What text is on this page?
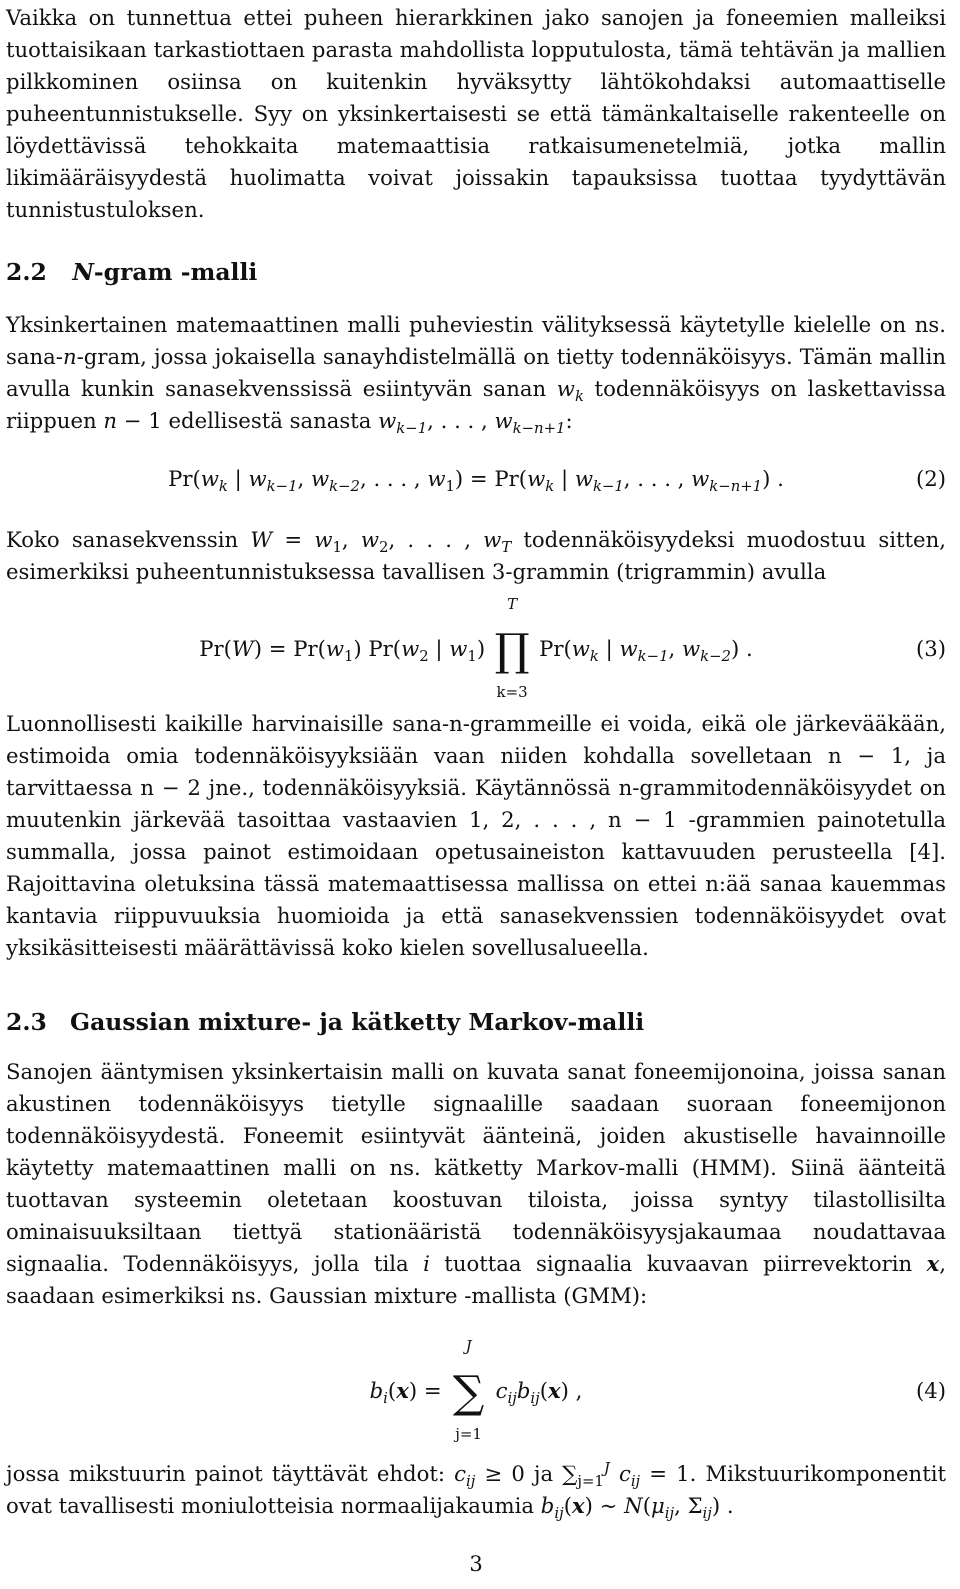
Vaikka on tunnettua ettei puheen hierarkkinen jako sanojen ja foneemien malleiksi tuottaisikaan tarkastiottaen parasta mahdollista lopputulosta, tämä tehtävän ja mallien pilkkominen osiinsa on kuitenkin hyväksytty lähtökohdaksi automaattiselle puheentunnistukselle. Syy on yksinkertaisesti se että tämänkaltaiselle rakenteelle on löydettävissä tehokkaita matemaattisia ratkaisumenetelmiä, jotka mallin likimääräisyydestä huolimatta voivat joissakin tapauksissa tuottaa tyydyttävän tunnistustuloksen.

2.2 N-gram -malli

Yksinkertainen matemaattinen malli puheviestin välityksessä käytetylle kielelle on ns. sana-n-gram, jossa jokaisella sanayhdistelmällä on tietty todennäköisyys. Tämän mallin avulla kunkin sanasekvenssissä esiintyvän sanan $w_k$ todennäköisyys on laskettavissa riippuen n − 1 edellisestä sanasta $w_{k-1}$, . . . , $w_{k-n+1}$:

$Pr(w_k$ | $w_{k-1}$, $w_{k-2}$, . . . , $w_1) = Pr(w_k$ | $w_{k-1}$, . . . , $w_{k-n+1}$) .	(2)

Koko sanasekvenssin $W = w_1$, $w_2$, . . . , $w_T$ todennäköisyydeksi muodostuu sitten, esimerkiksi puheentunnistuksessa tavallisen 3-grammin (trigrammin) avulla

$Pr(W) = Pr(w_1)$ $Pr(w_2$ | $w_1$)
T
∏
k=3
$Pr(w_k$ | $w_{k-1}$, $w_{k-2}$) .	(3)

Luonnollisesti kaikille harvinaisille sana-n-grammeille ei voida, eikä ole järkevääkään, estimoida omia todennäköisyyksiään vaan niiden kohdalla sovelletaan n − 1, ja tarvittaessa n − 2 jne., todennäköisyyksiä. Käytännössä n-grammitodennäköisyydet on muutenkin järkevää tasoittaa vastaavien 1, 2, . . . , n − 1 -grammien painotetulla summalla, jossa painot estimoidaan opetusaineiston kattavuuden perusteella [4]. Rajoittavina oletuksina tässä matemaattisessa mallissa on ettei n:ää sanaa kauemmas kantavia riippuvuuksia huomioida ja että sanasekvenssien todennäköisyydet ovat yksikäsitteisesti määrättävissä koko kielen sovellusalueella.

2.3 Gaussian mixture- ja kätketty Markov-malli

Sanojen ääntymisen yksinkertaisin malli on kuvata sanat foneemijonoina, joissa sanan akustinen todennäköisyys tietylle signaalille saadaan suoraan foneemijonon todennäköisyydestä. Foneemit esiintyvät äänteinä, joiden akustiselle havainnoille käytetty matemaattinen malli on ns. kätketty Markov-malli (HMM). Siinä äänteitä tuottavan systeemin oletetaan koostuvan tiloista, joissa syntyy tilastollisilta ominaisuuksiltaan tiettyä stationääristä todennäköisyysjakaumaa noudattavaa signaalia. Todennäköisyys, jolla tila i tuottaa signaalia kuvaavan piirrevektorin x, saadaan esimerkiksi ns. Gaussian mixture -mallista (GMM):

$b_i(x)$ =
J
∑
j=1
$c_{ij}b_{ij}(x)$ ,	(4)

jossa mikstuurin painot täyttävät ehdot: $c_{ij} \ge 0$ ja $\sum_{j=1}^J$ $c_{ij} = 1$. Mikstuurikomponentit ovat tavallisesti moniulotteisia normaalijakaumia $b_{ij}(x)$ ∼ $N(\mu_{ij}$, $\Sigma_{ij}$) .

3
